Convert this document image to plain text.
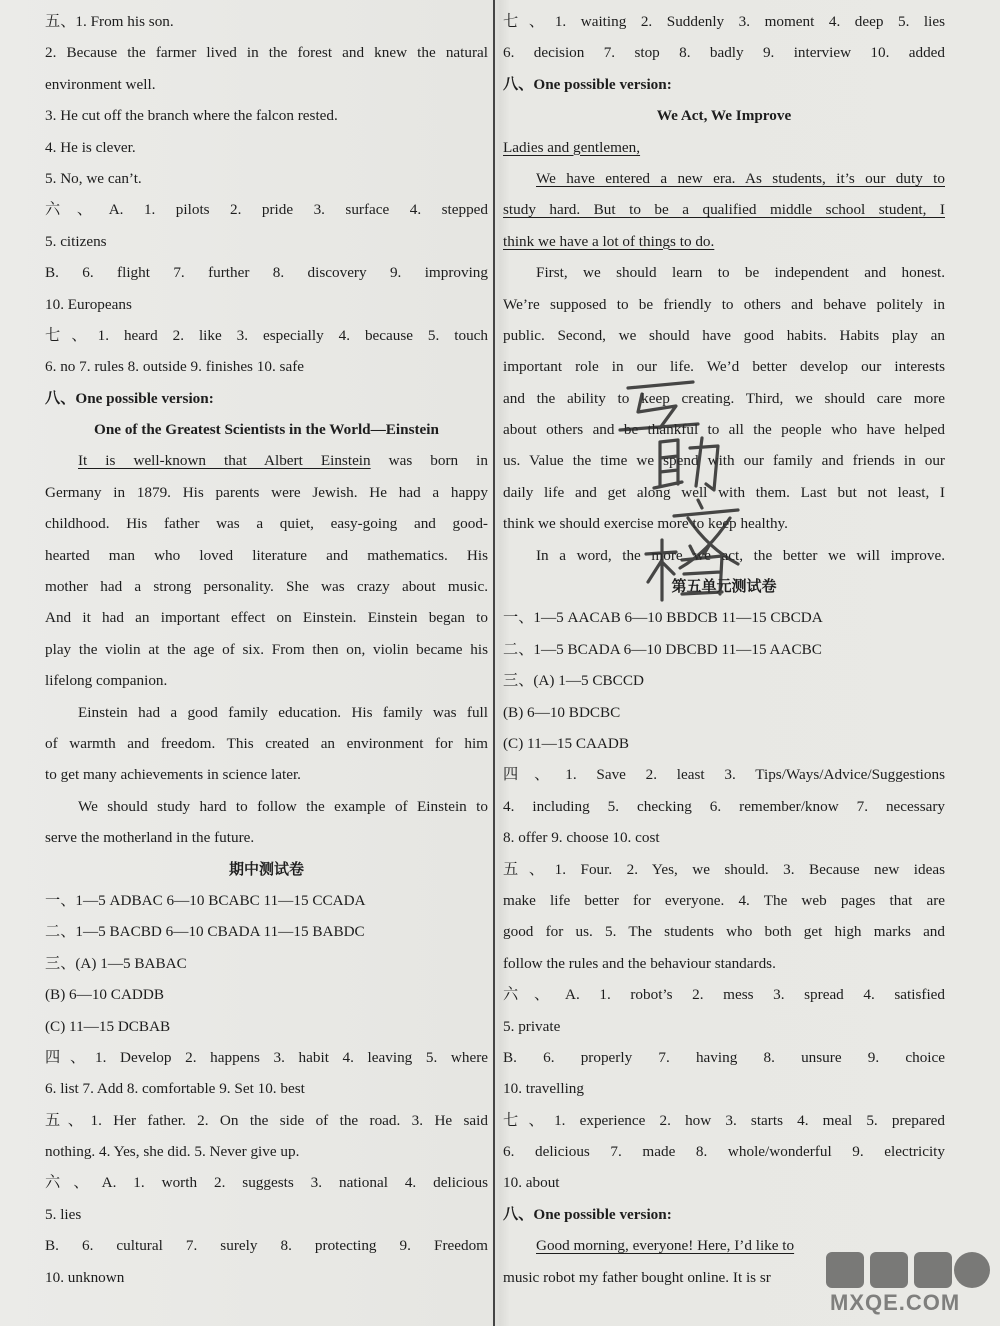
五、1. From his son.
2. Because the farmer lived in the forest and knew the natural
environment well.
3. He cut off the branch where the falcon rested.
4. He is clever.
5. No, we can’t.
六、A. 1. pilots 2. pride 3. surface 4. stepped
5. citizens
B. 6. flight 7. further 8. discovery 9. improving
10. Europeans
七、1. heard 2. like 3. especially 4. because 5. touch
6. no 7. rules 8. outside 9. finishes 10. safe
八、One possible version:
One of the Greatest Scientists in the World—Einstein
It is well-known that Albert Einstein was born in
Germany in 1879. His parents were Jewish. He had a happy
childhood. His father was a quiet, easy-going and good-
hearted man who loved literature and mathematics. His
mother had a strong personality. She was crazy about music.
And it had an important effect on Einstein. Einstein began to
play the violin at the age of six. From then on, violin became his
lifelong companion.
Einstein had a good family education. His family was full
of warmth and freedom. This created an environment for him
to get many achievements in science later.
We should study hard to follow the example of Einstein to
serve the motherland in the future.
期中测试卷
一、1—5 ADBAC 6—10 BCABC 11—15 CCADA
二、1—5 BACBD 6—10 CBADA 11—15 BABDC
三、(A) 1—5 BABAC
(B) 6—10 CADDB
(C) 11—15 DCBAB
四、1. Develop 2. happens 3. habit 4. leaving 5. where
6. list 7. Add 8. comfortable 9. Set 10. best
五、1. Her father. 2. On the side of the road. 3. He said
nothing. 4. Yes, she did. 5. Never give up.
六、A. 1. worth 2. suggests 3. national 4. delicious
5. lies
B. 6. cultural 7. surely 8. protecting 9. Freedom
10. unknown
七、1. waiting 2. Suddenly 3. moment 4. deep 5. lies
6. decision 7. stop 8. badly 9. interview 10. added
八、One possible version:
We Act, We Improve
Ladies and gentlemen,
We have entered a new era. As students, it’s our duty to
study hard. But to be a qualified middle school student, I
think we have a lot of things to do.
First, we should learn to be independent and honest.
We’re supposed to be friendly to others and behave politely in
public. Second, we should have good habits. Habits play an
important role in our life. We’d better develop our interests
and the ability to keep creating. Third, we should care more
about others and be thankful to all the people who have helped
us. Value the time we spend with our family and friends in our
daily life and get along well with them. Last but not least, I
think we should exercise more to keep healthy.
In a word, the more we act, the better we will improve.
第五单元测试卷
一、1—5 AACAB 6—10 BBDCB 11—15 CBCDA
二、1—5 BCADA 6—10 DBCBD 11—15 AACBC
三、(A) 1—5 CBCCD
(B) 6—10 BDCBC
(C) 11—15 CAADB
四、1. Save 2. least 3. Tips/Ways/Advice/Suggestions
4. including 5. checking 6. remember/know 7. necessary
8. offer 9. choose 10. cost
五、1. Four. 2. Yes, we should. 3. Because new ideas
make life better for everyone. 4. The web pages that are
good for us. 5. The students who both get high marks and
follow the rules and the behaviour standards.
六、A. 1. robot’s 2. mess 3. spread 4. satisfied
5. private
B. 6. properly 7. having 8. unsure 9. choice
10. travelling
七、1. experience 2. how 3. starts 4. meal 5. prepared
6. delicious 7. made 8. whole/wonderful 9. electricity
10. about
八、One possible version:
Good morning, everyone! Here, I’d like to
music robot my father bought online. It is sr
MXQE.COM
